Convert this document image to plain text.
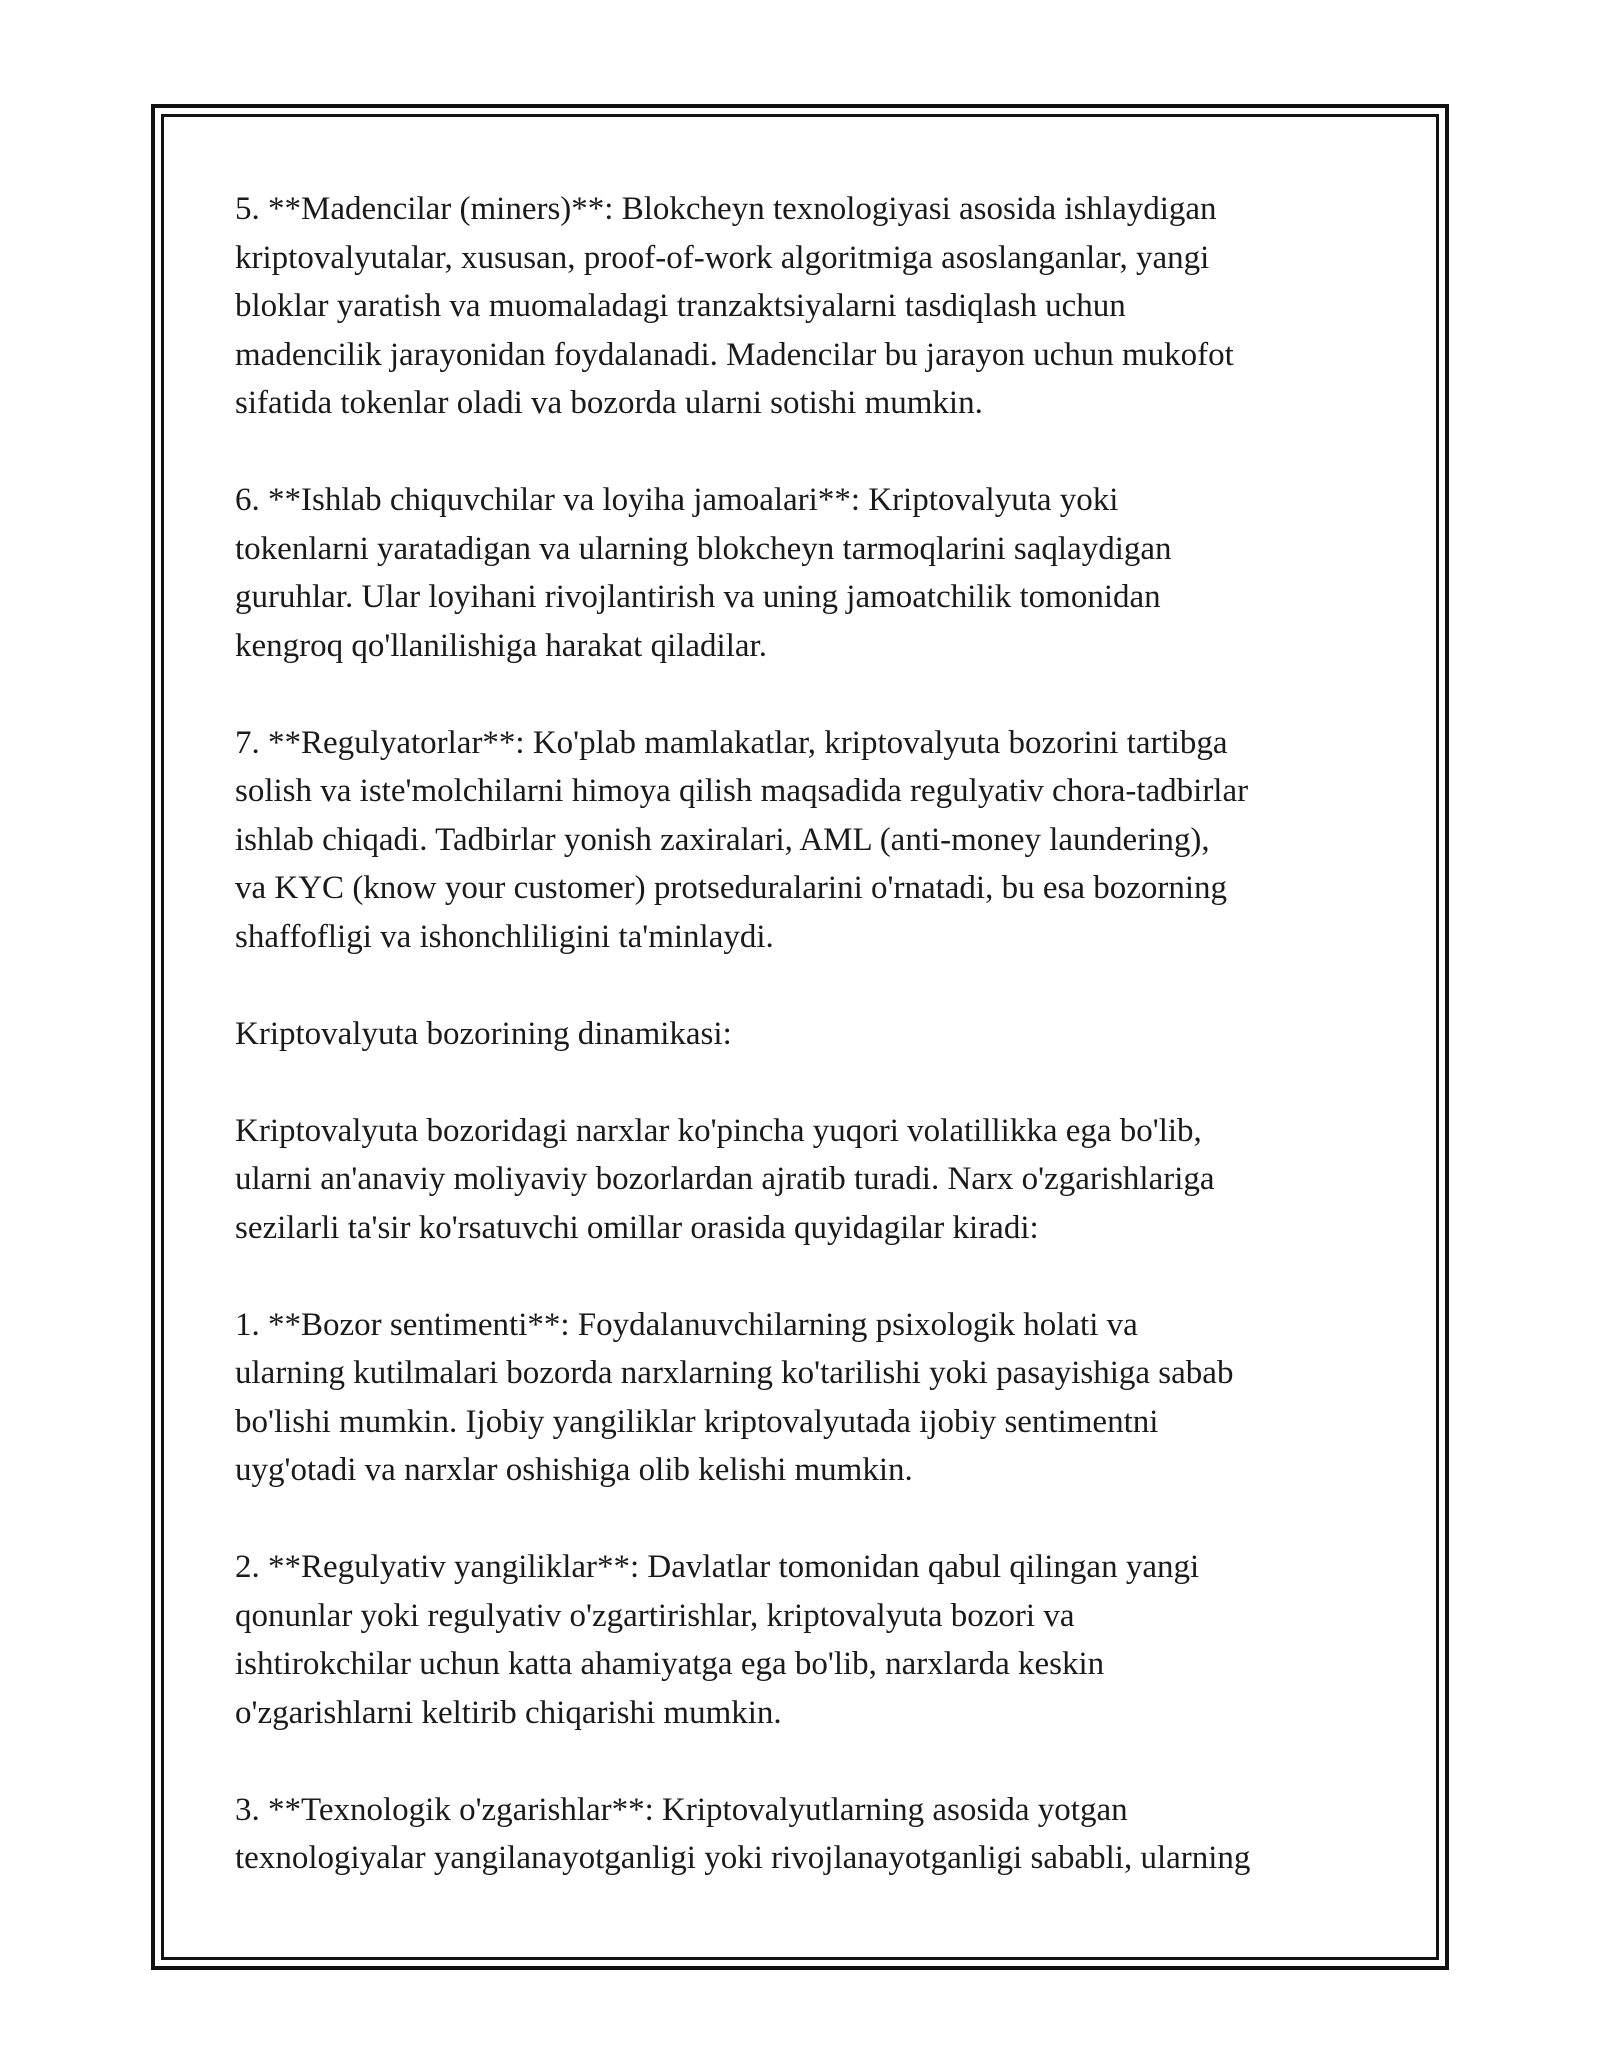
5. **Madencilar (miners)**: Blokcheyn texnologiyasi asosida ishlaydigan
kriptovalyutalar, xususan, proof-of-work algoritmiga asoslanganlar, yangi
bloklar yaratish va muomaladagi tranzaktsiyalarni tasdiqlash uchun
madencilik jarayonidan foydalanadi. Madencilar bu jarayon uchun mukofot
sifatida tokenlar oladi va bozorda ularni sotishi mumkin.

6. **Ishlab chiquvchilar va loyiha jamoalari**: Kriptovalyuta yoki
tokenlarni yaratadigan va ularning blokcheyn tarmoqlarini saqlaydigan
guruhlar. Ular loyihani rivojlantirish va uning jamoatchilik tomonidan
kengroq qo'llanilishiga harakat qiladilar.

7. **Regulyatorlar**: Ko'plab mamlakatlar, kriptovalyuta bozorini tartibga
solish va iste'molchilarni himoya qilish maqsadida regulyativ chora-tadbirlar
ishlab chiqadi. Tadbirlar yonish zaxiralari, AML (anti-money laundering),
va KYC (know your customer) protseduralarini o'rnatadi, bu esa bozorning
shaffofligi va ishonchliligini ta'minlaydi.

Kriptovalyuta bozorining dinamikasi:

Kriptovalyuta bozoridagi narxlar ko'pincha yuqori volatillikka ega bo'lib,
ularni an'anaviy moliyaviy bozorlardan ajratib turadi. Narx o'zgarishlariga
sezilarli ta'sir ko'rsatuvchi omillar orasida quyidagilar kiradi:

1. **Bozor sentimenti**: Foydalanuvchilarning psixologik holati va
ularning kutilmalari bozorda narxlarning ko'tarilishi yoki pasayishiga sabab
bo'lishi mumkin. Ijobiy yangiliklar kriptovalyutada ijobiy sentimentni
uyg'otadi va narxlar oshishiga olib kelishi mumkin.

2. **Regulyativ yangiliklar**: Davlatlar tomonidan qabul qilingan yangi
qonunlar yoki regulyativ o'zgartirishlar, kriptovalyuta bozori va
ishtirokchilar uchun katta ahamiyatga ega bo'lib, narxlarda keskin
o'zgarishlarni keltirib chiqarishi mumkin.

3. **Texnologik o'zgarishlar**: Kriptovalyutlarning asosida yotgan
texnologiyalar yangilanayotganligi yoki rivojlanayotganligi sababli, ularning
